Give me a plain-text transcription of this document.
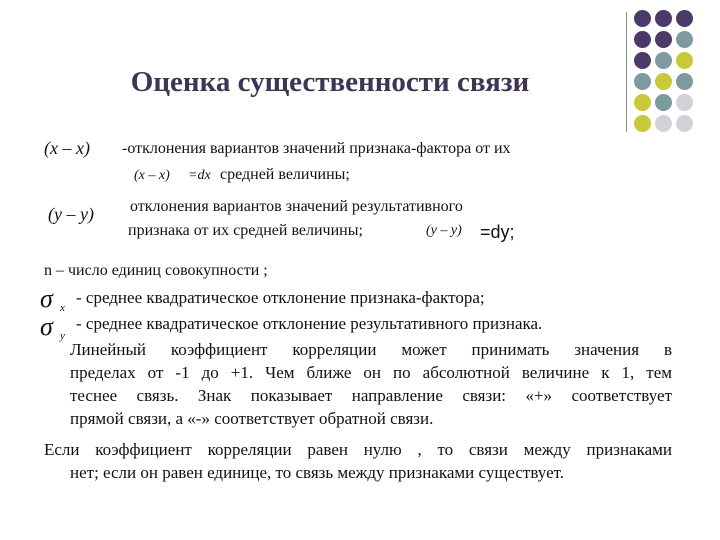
Оценка существенности связи
(x – x) -отклонения вариантов значений признака-фактора от их
(x – x) =dx средней величины;
(y – y) отклонения вариантов значений результативного
признака от их средней величины;	(y – y) =dy;
n – число единиц совокупности ;
σ x
- среднее квадратическое отклонение признака-фактора;
σ y
- среднее квадратическое отклонение результативного признака.
Линейный коэффициент корреляции может принимать значения в
пределах от -1 до +1. Чем ближе он по абсолютной величине к 1, тем
теснее связь. Знак показывает направление связи: «+» соответствует
прямой связи, а «-» соответствует обратной связи.
Если коэффициент корреляции равен нулю , то связи между признаками
нет; если он равен единице, то связь между признаками существует.
